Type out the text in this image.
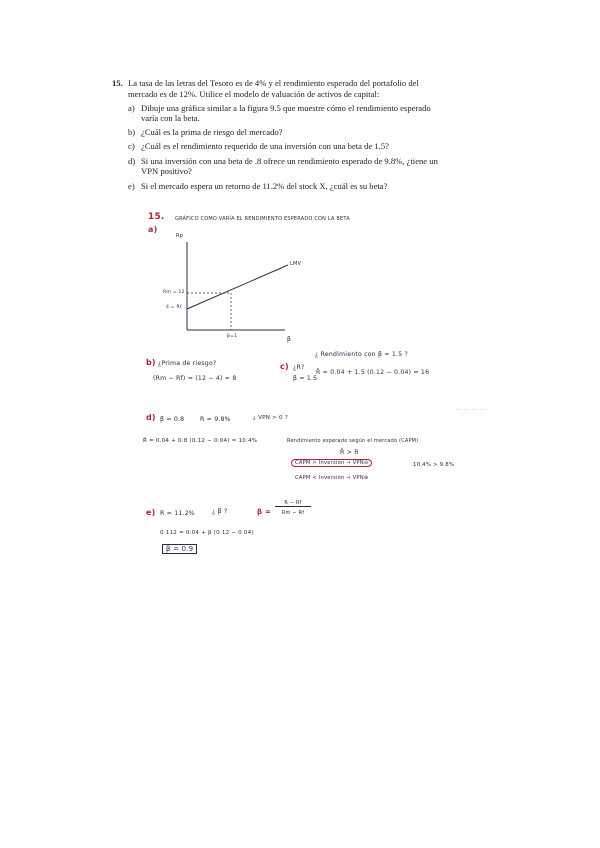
15. La tasa de las letras del Tesoro es de 4% y el rendimiento esperado del portafolio del
mercado es de 12%. Utilice el modelo de valuación de activos de capital:
a) Dibuje una gráfica similar a la figura 9.5 que muestre cómo el rendimiento esperado
varía con la beta.
b) ¿Cuál es la prima de riesgo del mercado?
c) ¿Cuál es el rendimiento requerido de una inversión con una beta de 1.5?
d) Si una inversión con una beta de .8 ofrece un rendimiento esperado de 9.8%, ¿tiene un
VPN positivo?
e) Si el mercado espera un retorno de 11.2% del stock X, ¿cuál es su beta?
15. GRÁFICO COMO VARÍA EL RENDIMIENTO ESPERADO CON LA BETA
a)
Rp
LMV
Rm = 12
4 = Rf
β=1	β
b) ¿Prima de riesgo?
(Rm − Rf) = (12 − 4) = 8
¿ Rendimiento con β = 1.5 ?
c) ¿R?
β = 1.5
R̄ = 0.04 + 1.5 (0.12 − 0.04) = 16
— — — —
d) β = 0.8	R = 9.8%	¿ VPN > 0 ?
R̄ = 0.04 + 0.8 (0.12 − 0.04) = 10.4%	Rendimiento esperado según el mercado (CAPM)
R̄ > R
CAPM > Inversión → VPN⊖	10.4% > 9.8%
CAPM < Inversión → VPN⊕
e) R = 11.2%	¿ β ?	β =
R − Rf
Rm − Rf
0.112 = 0.04 + β (0.12 − 0.04)
β = 0.9
